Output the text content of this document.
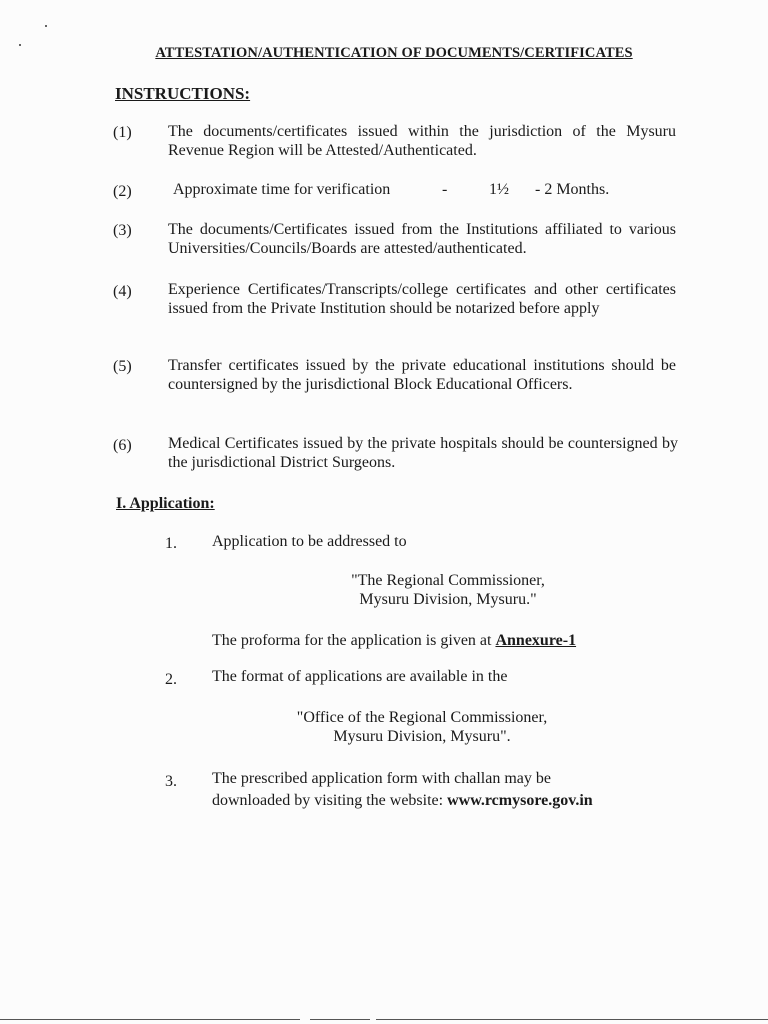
ATTESTATION/AUTHENTICATION OF DOCUMENTS/CERTIFICATES
INSTRUCTIONS:
(1) The documents/certificates issued within the jurisdiction of the Mysuru Revenue Region will be Attested/Authenticated.
(2)	Approximate time for verification	-	1½ - 2 Months.
(3) The documents/Certificates issued from the Institutions affiliated to various Universities/Councils/Boards are attested/authenticated.
(4) Experience Certificates/Transcripts/college certificates and other certificates issued from the Private Institution should be notarized before apply
(5) Transfer certificates issued by the private educational institutions should be countersigned by the jurisdictional Block Educational Officers.
(6) Medical Certificates issued by the private hospitals should be countersigned by the jurisdictional District Surgeons.
I. Application:
1. Application to be addressed to
"The Regional Commissioner,
Mysuru Division, Mysuru."
The proforma for the application is given at Annexure-1
2. The format of applications are available in the
"Office of the Regional Commissioner,
Mysuru Division, Mysuru".
3. The prescribed application form with challan may be
downloaded by visiting the website: www.rcmysore.gov.in
